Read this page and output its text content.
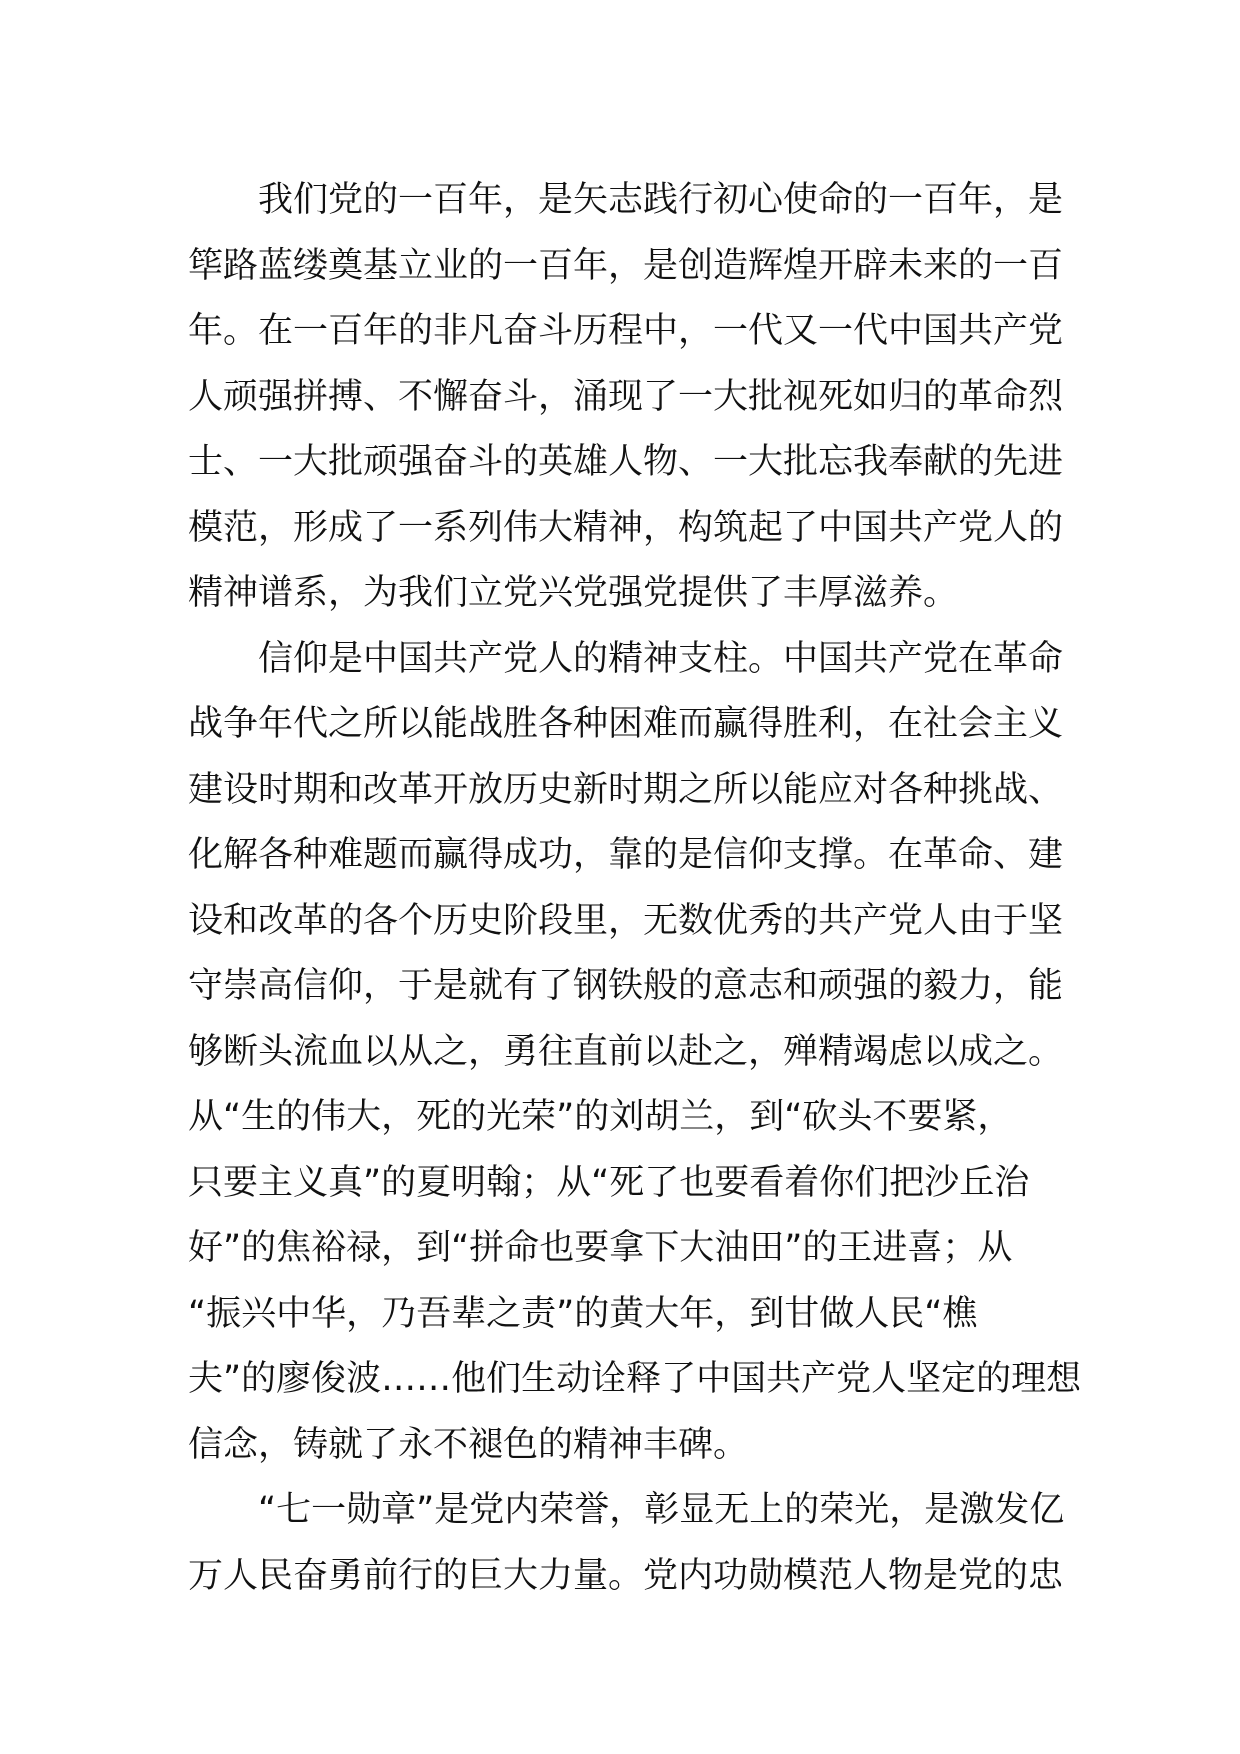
我们党的一百年，是矢志践行初心使命的一百年，是
筚路蓝缕奠基立业的一百年，是创造辉煌开辟未来的一百
年。在一百年的非凡奋斗历程中，一代又一代中国共产党
人顽强拼搏、不懈奋斗，涌现了一大批视死如归的革命烈
士、一大批顽强奋斗的英雄人物、一大批忘我奉献的先进
模范，形成了一系列伟大精神，构筑起了中国共产党人的
精神谱系，为我们立党兴党强党提供了丰厚滋养。
信仰是中国共产党人的精神支柱。中国共产党在革命
战争年代之所以能战胜各种困难而赢得胜利，在社会主义
建设时期和改革开放历史新时期之所以能应对各种挑战、
化解各种难题而赢得成功，靠的是信仰支撑。在革命、建
设和改革的各个历史阶段里，无数优秀的共产党人由于坚
守崇高信仰，于是就有了钢铁般的意志和顽强的毅力，能
够断头流血以从之，勇往直前以赴之，殚精竭虑以成之。
从“生的伟大，死的光荣”的刘胡兰，到“砍头不要紧，
只要主义真”的夏明翰；从“死了也要看着你们把沙丘治
好”的焦裕禄，到“拼命也要拿下大油田”的王进喜；从
“振兴中华，乃吾辈之责”的黄大年，到甘做人民“樵
夫”的廖俊波……他们生动诠释了中国共产党人坚定的理想
信念，铸就了永不褪色的精神丰碑。
“七一勋章”是党内荣誉，彰显无上的荣光，是激发亿
万人民奋勇前行的巨大力量。党内功勋模范人物是党的忠
